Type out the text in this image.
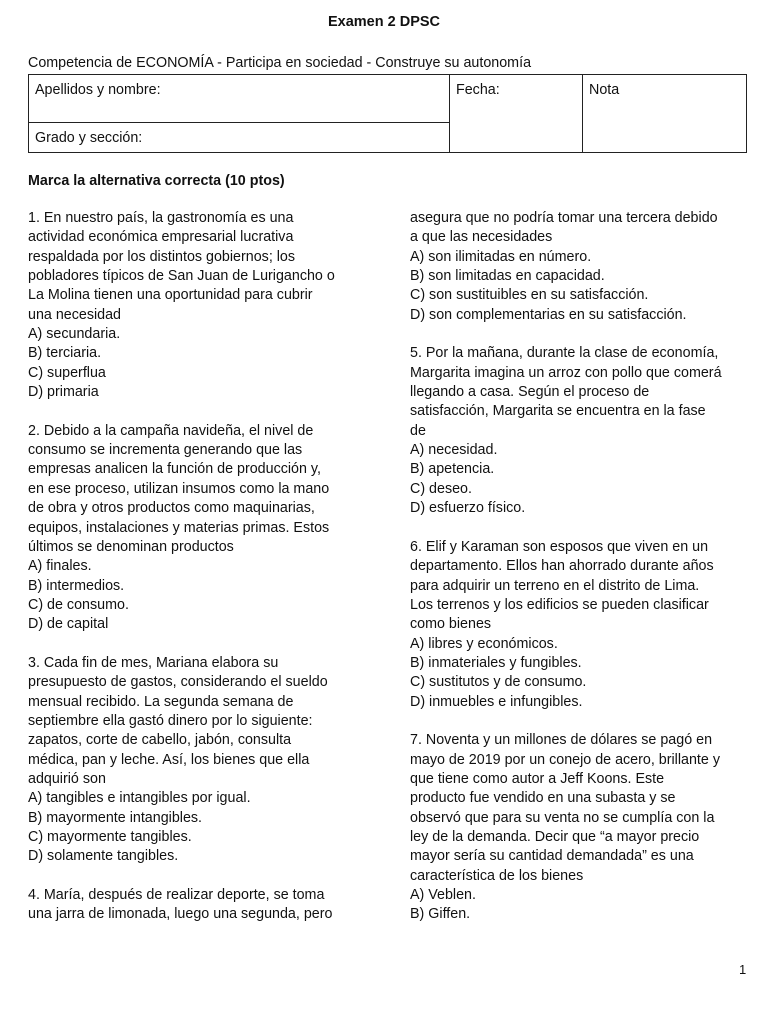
Examen 2 DPSC
Competencia de ECONOMÍA - Participa en sociedad - Construye su autonomía
Apellidos y nombre:	Fecha:	Nota

Grado y sección:
Marca la alternativa correcta (10 ptos)
1. En nuestro país, la gastronomía es una
actividad económica empresarial lucrativa
respaldada por los distintos gobiernos; los
pobladores típicos de San Juan de Lurigancho o
La Molina tienen una oportunidad para cubrir
una necesidad
A) secundaria.
B) terciaria.
C) superflua
D) primaria
2. Debido a la campaña navideña, el nivel de
consumo se incrementa generando que las
empresas analicen la función de producción y,
en ese proceso, utilizan insumos como la mano
de obra y otros productos como maquinarias,
equipos, instalaciones y materias primas. Estos
últimos se denominan productos
A) finales.
B) intermedios.
C) de consumo.
D) de capital
3. Cada fin de mes, Mariana elabora su
presupuesto de gastos, considerando el sueldo
mensual recibido. La segunda semana de
septiembre ella gastó dinero por lo siguiente:
zapatos, corte de cabello, jabón, consulta
médica, pan y leche. Así, los bienes que ella
adquirió son
A) tangibles e intangibles por igual.
B) mayormente intangibles.
C) mayormente tangibles.
D) solamente tangibles.
4. María, después de realizar deporte, se toma
una jarra de limonada, luego una segunda, pero
asegura que no podría tomar una tercera debido
a que las necesidades
A) son ilimitadas en número.
B) son limitadas en capacidad.
C) son sustituibles en su satisfacción.
D) son complementarias en su satisfacción.
5. Por la mañana, durante la clase de economía,
Margarita imagina un arroz con pollo que comerá
llegando a casa. Según el proceso de
satisfacción, Margarita se encuentra en la fase
de
A) necesidad.
B) apetencia.
C) deseo.
D) esfuerzo físico.
6. Elif y Karaman son esposos que viven en un
departamento. Ellos han ahorrado durante años
para adquirir un terreno en el distrito de Lima.
Los terrenos y los edificios se pueden clasificar
como bienes
A) libres y económicos.
B) inmateriales y fungibles.
C) sustitutos y de consumo.
D) inmuebles e infungibles.
7. Noventa y un millones de dólares se pagó en
mayo de 2019 por un conejo de acero, brillante y
que tiene como autor a Jeff Koons. Este
producto fue vendido en una subasta y se
observó que para su venta no se cumplía con la
ley de la demanda. Decir que “a mayor precio
mayor sería su cantidad demandada” es una
característica de los bienes
A) Veblen.
B) Giffen.
1
